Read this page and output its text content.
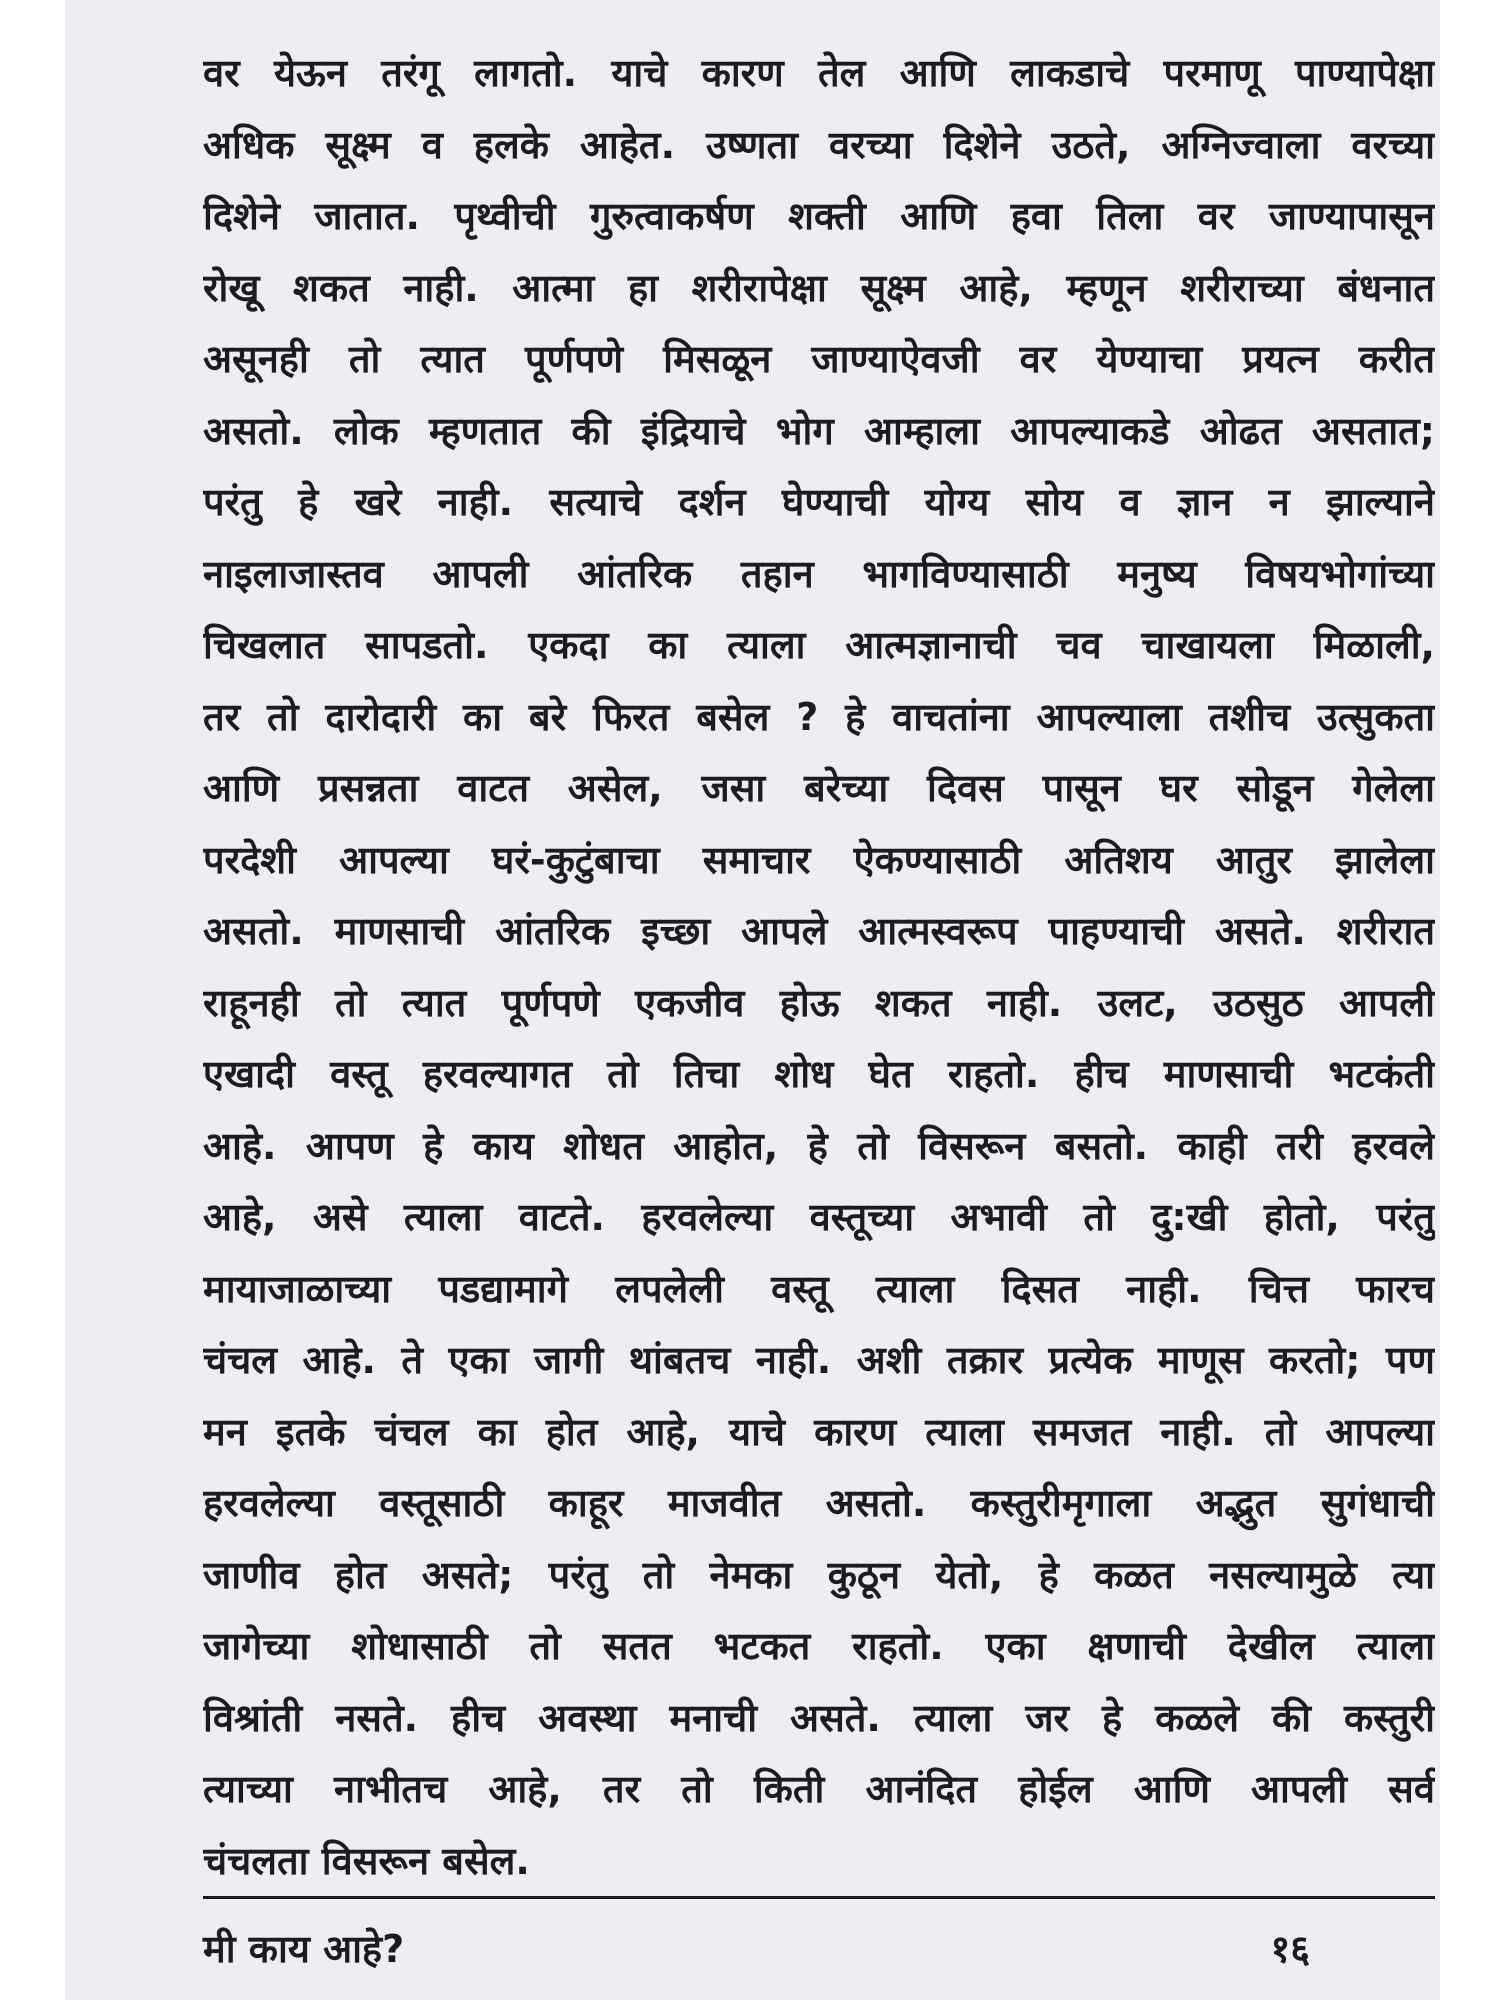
वर येऊन तरंगू लागतो. याचे कारण तेल आणि लाकडाचे परमाणू पाण्यापेक्षा
अधिक सूक्ष्म व हलके आहेत. उष्णता वरच्या दिशेने उठते, अग्निज्वाला वरच्या
दिशेने जातात. पृथ्वीची गुरुत्वाकर्षण शक्ती आणि हवा तिला वर जाण्यापासून
रोखू शकत नाही. आत्मा हा शरीरापेक्षा सूक्ष्म आहे, म्हणून शरीराच्या बंधनात
असूनही तो त्यात पूर्णपणे मिसळून जाण्याऐवजी वर येण्याचा प्रयत्न करीत
असतो. लोक म्हणतात की इंद्रियाचे भोग आम्हाला आपल्याकडे ओढत असतात;
परंतु हे खरे नाही. सत्याचे दर्शन घेण्याची योग्य सोय व ज्ञान न झाल्याने
नाइलाजास्तव आपली आंतरिक तहान भागविण्यासाठी मनुष्य विषयभोगांच्या
चिखलात सापडतो. एकदा का त्याला आत्मज्ञानाची चव चाखायला मिळाली,
तर तो दारोदारी का बरे फिरत बसेल ? हे वाचतांना आपल्याला तशीच उत्सुकता
आणि प्रसन्नता वाटत असेल, जसा बरेच्या दिवस पासून घर सोडून गेलेला
परदेशी आपल्या घरं-कुटुंबाचा समाचार ऐकण्यासाठी अतिशय आतुर झालेला
असतो. माणसाची आंतरिक इच्छा आपले आत्मस्वरूप पाहण्याची असते. शरीरात
राहूनही तो त्यात पूर्णपणे एकजीव होऊ शकत नाही. उलट, उठसुठ आपली
एखादी वस्तू हरवल्यागत तो तिचा शोध घेत राहतो. हीच माणसाची भटकंती
आहे. आपण हे काय शोधत आहोत, हे तो विसरून बसतो. काही तरी हरवले
आहे, असे त्याला वाटते. हरवलेल्या वस्तूच्या अभावी तो दु:खी होतो, परंतु
मायाजाळाच्या पडद्यामागे लपलेली वस्तू त्याला दिसत नाही. चित्त फारच
चंचल आहे. ते एका जागी थांबतच नाही. अशी तक्रार प्रत्येक माणूस करतो; पण
मन इतके चंचल का होत आहे, याचे कारण त्याला समजत नाही. तो आपल्या
हरवलेल्या वस्तूसाठी काहूर माजवीत असतो. कस्तुरीमृगाला अद्भुत सुगंधाची
जाणीव होत असते; परंतु तो नेमका कुठून येतो, हे कळत नसल्यामुळे त्या
जागेच्या शोधासाठी तो सतत भटकत राहतो. एका क्षणाची देखील त्याला
विश्रांती नसते. हीच अवस्था मनाची असते. त्याला जर हे कळले की कस्तुरी
त्याच्या नाभीतच आहे, तर तो किती आनंदित होईल आणि आपली सर्व
चंचलता विसरून बसेल.
मी काय आहे?	१६
